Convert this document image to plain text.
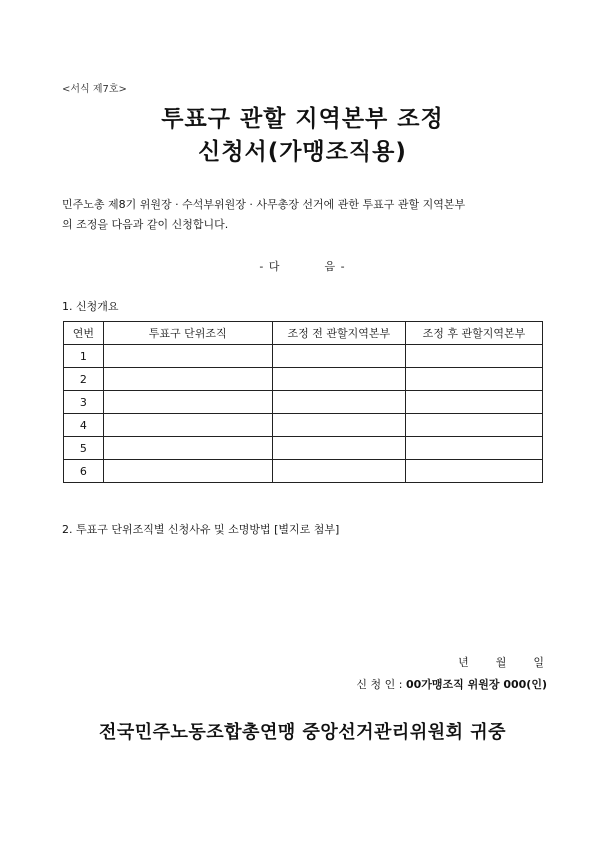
<서식 제7호>
투표구 관할 지역본부 조정
신청서(가맹조직용)
민주노총 제8기 위원장 · 수석부위원장 · 사무총장 선거에 관한 투표구 관할 지역본부
의 조정을 다음과 같이 신청합니다.
- 다	음 -
1. 신청개요
연번	투표구 단위조직	조정 전 관할지역본부	조정 후 관할지역본부
1			
2			
3			
4			
5			
6			
2. 투표구 단위조직별 신청사유 및 소명방법 [별지로 첨부]
년 월 일
신 청 인 : 00가맹조직 위원장 000(인)
전국민주노동조합총연맹 중앙선거관리위원회 귀중
